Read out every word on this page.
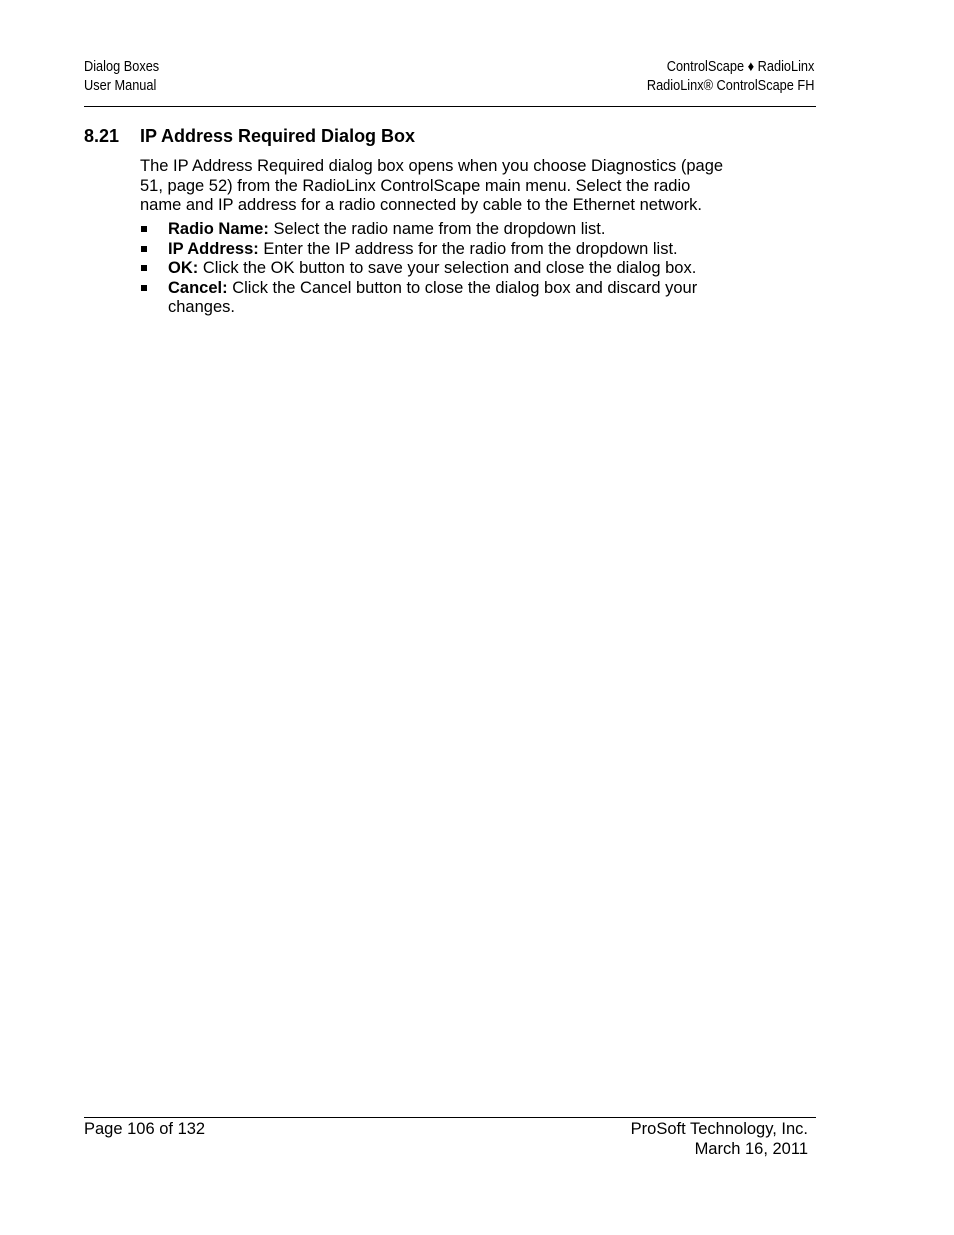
Dialog Boxes
User Manual
ControlScape ♦ RadioLinx
RadioLinx® ControlScape FH
8.21 IP Address Required Dialog Box
The IP Address Required dialog box opens when you choose Diagnostics (page
51, page 52) from the RadioLinx ControlScape main menu. Select the radio
name and IP address for a radio connected by cable to the Ethernet network.
Radio Name: Select the radio name from the dropdown list.
IP Address: Enter the IP address for the radio from the dropdown list.
OK: Click the OK button to save your selection and close the dialog box.
Cancel: Click the Cancel button to close the dialog box and discard your
changes.
Page 106 of 132	ProSoft Technology, Inc.
March 16, 2011
